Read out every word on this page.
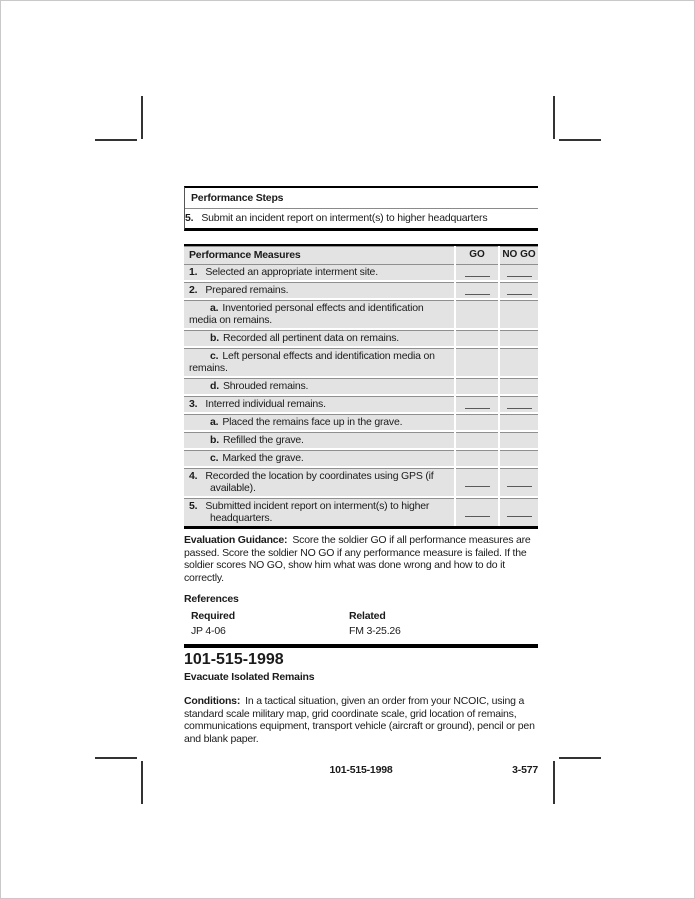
Performance Steps
5. Submit an incident report on interment(s) to higher headquarters
Performance Measures	GO	NO GO
1. Selected an appropriate interment site.
2. Prepared remains.
a. Inventoried personal effects and identification media on remains.
b. Recorded all pertinent data on remains.
c. Left personal effects and identification media on remains.
d. Shrouded remains.
3. Interred individual remains.
a. Placed the remains face up in the grave.
b. Refilled the grave.
c. Marked the grave.
4. Recorded the location by coordinates using GPS (if available).
5. Submitted incident report on interment(s) to higher headquarters.

Evaluation Guidance: Score the soldier GO if all performance measures are passed. Score the soldier NO GO if any performance measure is failed. If the soldier scores NO GO, show him what was done wrong and how to do it correctly.

References
Required	Related
JP 4-06	FM 3-25.26
101-515-1998
Evacuate Isolated Remains

Conditions: In a tactical situation, given an order from your NCOIC, using a standard scale military map, grid coordinate scale, grid location of remains, communications equipment, transport vehicle (aircraft or ground), pencil or pen and blank paper.

101-515-1998	3-577
